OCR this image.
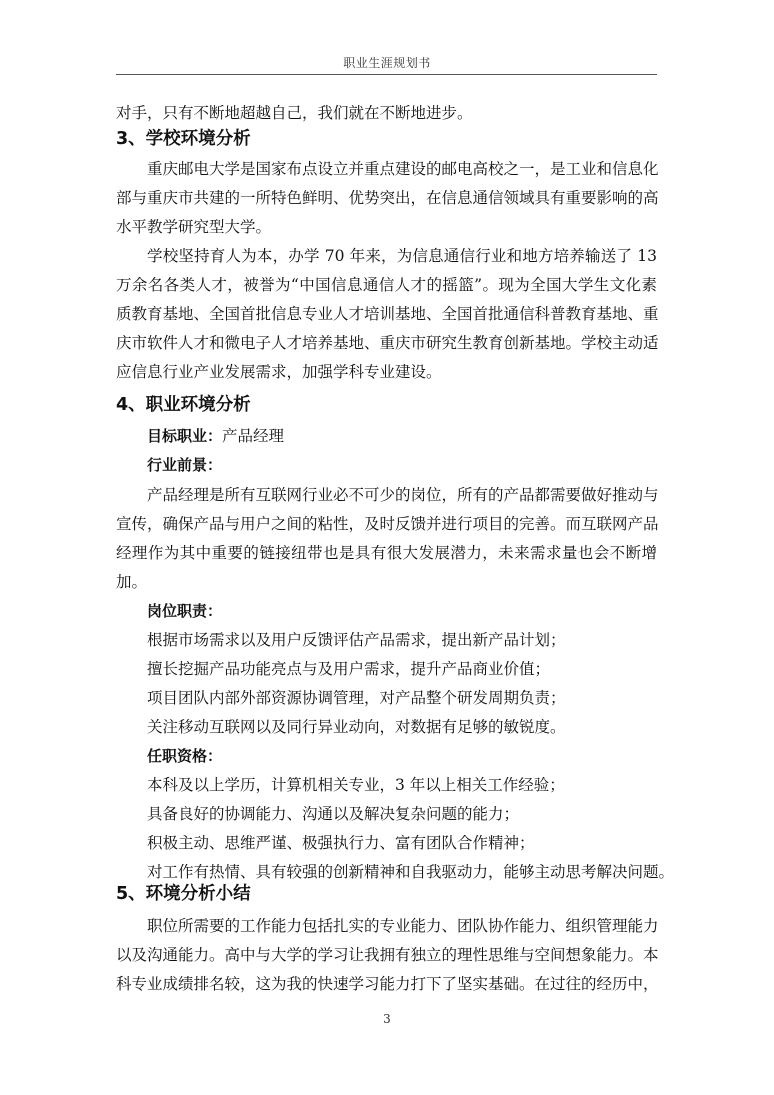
职业生涯规划书
对手，只有不断地超越自己，我们就在不断地进步。
3、学校环境分析
重庆邮电大学是国家布点设立并重点建设的邮电高校之一，是工业和信息化
部与重庆市共建的一所特色鲜明、优势突出，在信息通信领域具有重要影响的高
水平教学研究型大学。
学校坚持育人为本，办学 70 年来，为信息通信行业和地方培养输送了 13
万余名各类人才，被誉为“中国信息通信人才的摇篮”。现为全国大学生文化素
质教育基地、全国首批信息专业人才培训基地、全国首批通信科普教育基地、重
庆市软件人才和微电子人才培养基地、重庆市研究生教育创新基地。学校主动适
应信息行业产业发展需求，加强学科专业建设。
4、职业环境分析
目标职业：产品经理
行业前景：
产品经理是所有互联网行业必不可少的岗位，所有的产品都需要做好推动与
宣传，确保产品与用户之间的粘性，及时反馈并进行项目的完善。而互联网产品
经理作为其中重要的链接纽带也是具有很大发展潜力，未来需求量也会不断增
加。
岗位职责：
根据市场需求以及用户反馈评估产品需求，提出新产品计划；
擅长挖掘产品功能亮点与及用户需求，提升产品商业价值；
项目团队内部外部资源协调管理，对产品整个研发周期负责；
关注移动互联网以及同行异业动向，对数据有足够的敏锐度。
任职资格：
本科及以上学历，计算机相关专业，3 年以上相关工作经验；
具备良好的协调能力、沟通以及解决复杂问题的能力；
积极主动、思维严谨、极强执行力、富有团队合作精神；
对工作有热情、具有较强的创新精神和自我驱动力，能够主动思考解决问题。
5、环境分析小结
职位所需要的工作能力包括扎实的专业能力、团队协作能力、组织管理能力
以及沟通能力。高中与大学的学习让我拥有独立的理性思维与空间想象能力。本
科专业成绩排名较，这为我的快速学习能力打下了坚实基础。在过往的经历中，
3
